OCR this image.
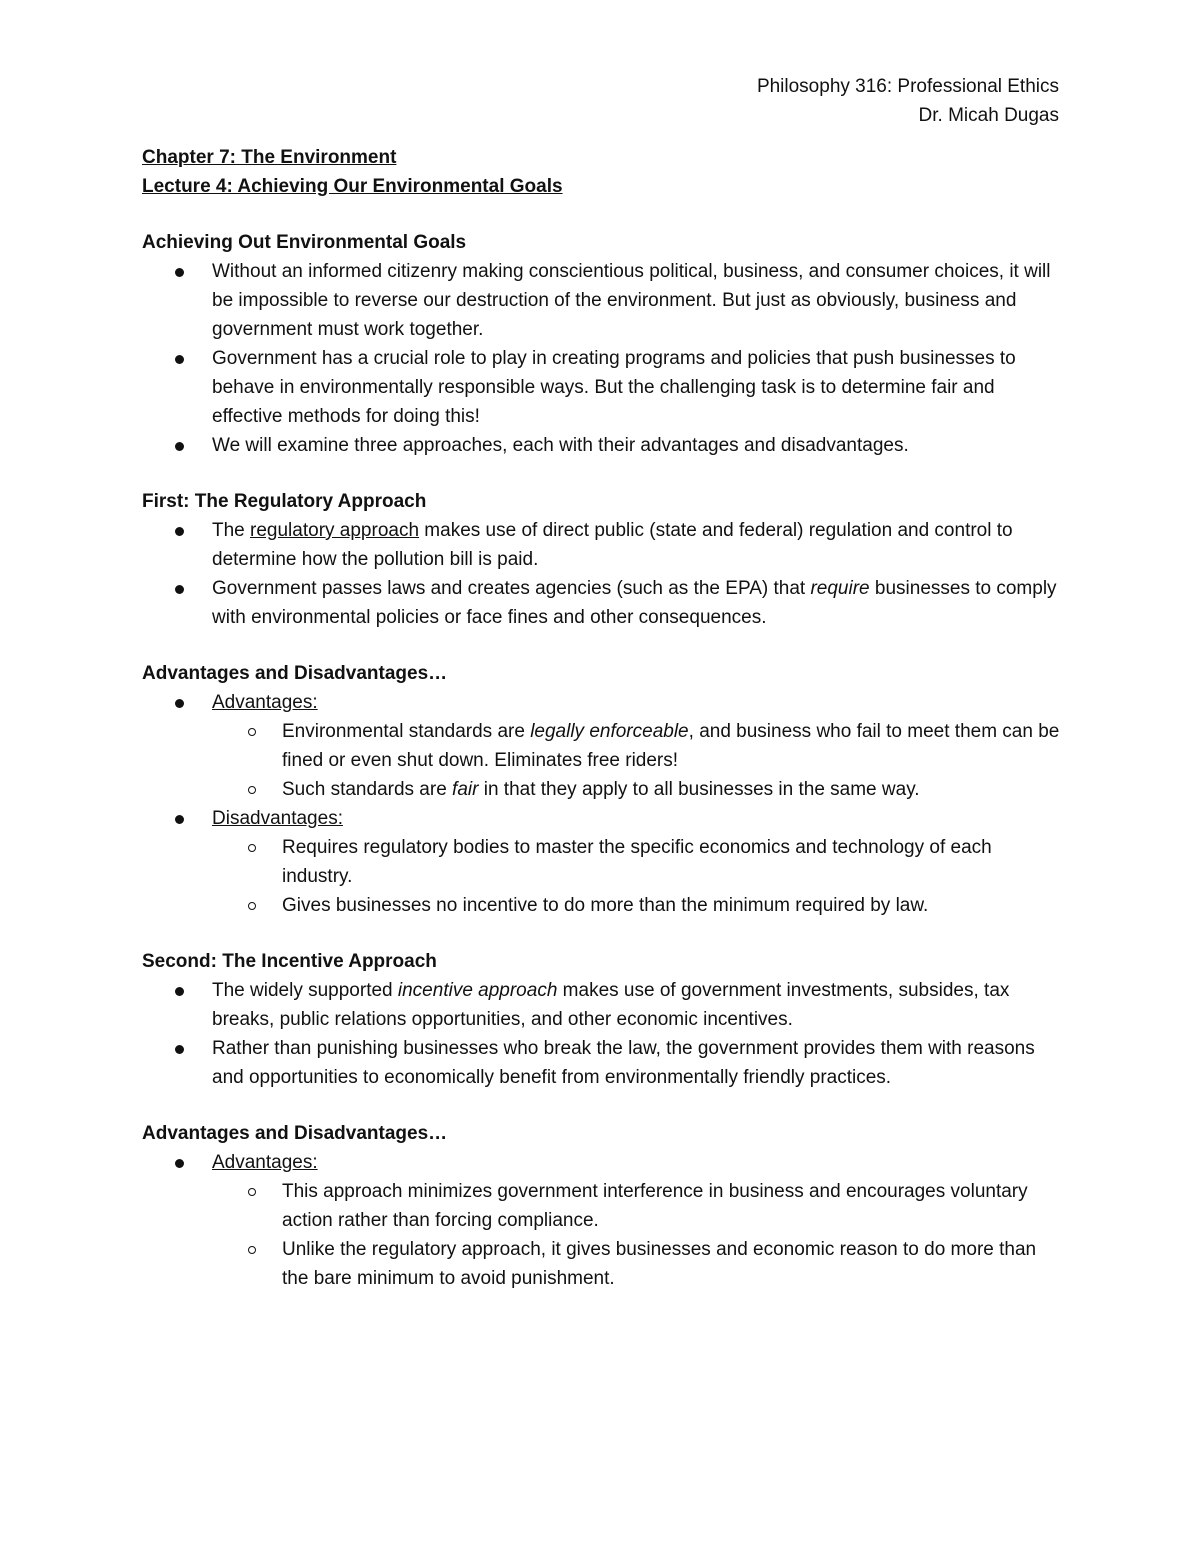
Philosophy 316: Professional Ethics
Dr. Micah Dugas
Chapter 7: The Environment
Lecture 4: Achieving Our Environmental Goals

Achieving Out Environmental Goals

Without an informed citizenry making conscientious political, business, and consumer choices, it will be impossible to reverse our destruction of the environment. But just as obviously, business and government must work together.
Government has a crucial role to play in creating programs and policies that push businesses to behave in environmentally responsible ways. But the challenging task is to determine fair and effective methods for doing this!
We will examine three approaches, each with their advantages and disadvantages.

First: The Regulatory Approach

The regulatory approach makes use of direct public (state and federal) regulation and control to determine how the pollution bill is paid.
Government passes laws and creates agencies (such as the EPA) that require businesses to comply with environmental policies or face fines and other consequences.

Advantages and Disadvantages…

Advantages:
Environmental standards are legally enforceable, and business who fail to meet them can be fined or even shut down. Eliminates free riders!
Such standards are fair in that they apply to all businesses in the same way.
Disadvantages:
Requires regulatory bodies to master the specific economics and technology of each industry.
Gives businesses no incentive to do more than the minimum required by law.

Second: The Incentive Approach

The widely supported incentive approach makes use of government investments, subsides, tax breaks, public relations opportunities, and other economic incentives.
Rather than punishing businesses who break the law, the government provides them with reasons and opportunities to economically benefit from environmentally friendly practices.

Advantages and Disadvantages…

Advantages:
This approach minimizes government interference in business and encourages voluntary action rather than forcing compliance.
Unlike the regulatory approach, it gives businesses and economic reason to do more than the bare minimum to avoid punishment.
